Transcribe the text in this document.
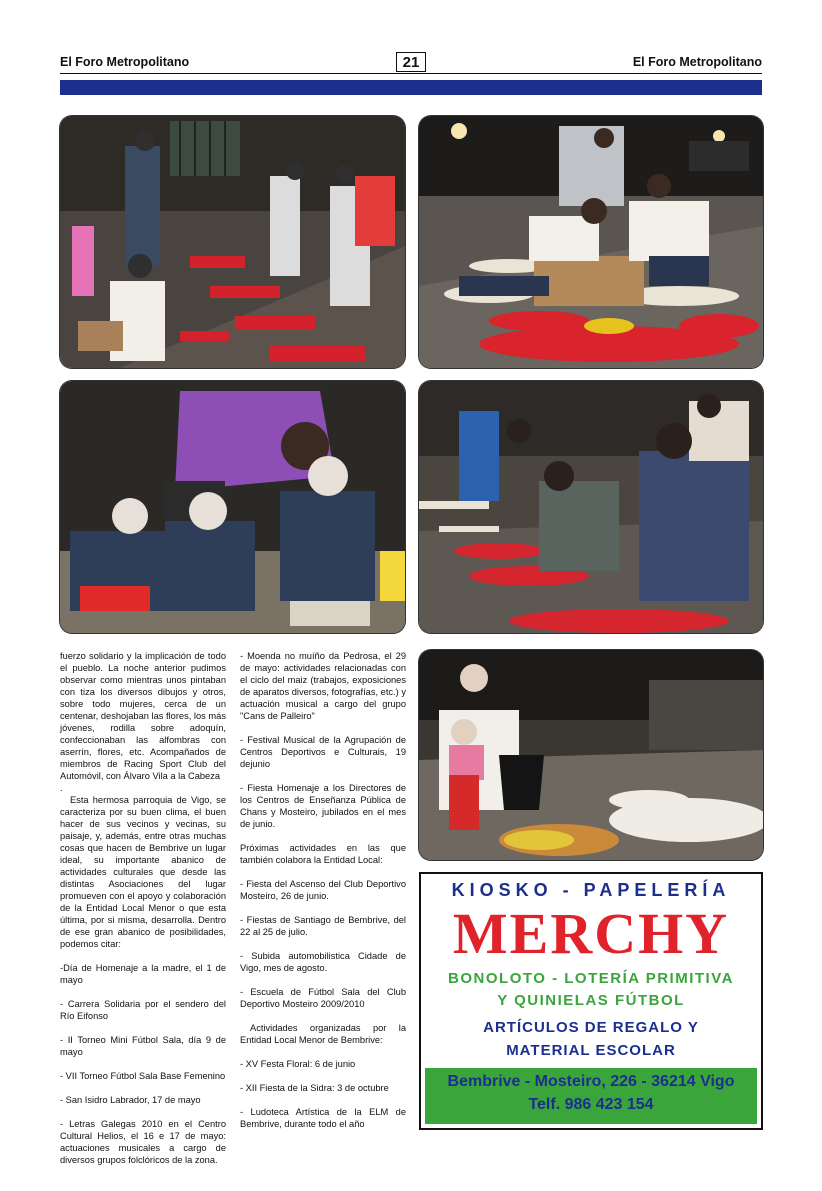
El Foro Metropolitano	21	El Foro Metropolitano

fuerzo solidario y la implicación de todo el pueblo. La noche anterior pudimos observar como mientras unos pintaban con tiza los diversos dibujos y otros, sobre todo mujeres, cerca de un centenar, deshojaban las flores, los más jóvenes, rodilla sobre adoquín, confeccionaban las alfombras con aserrín, flores, etc. Acompañados de miembros de Racing Sport Club del Automóvil, con Álvaro Vila a la Cabeza

.

Esta hermosa parroquia de Vigo, se caracteriza por su buen clima, el buen hacer de sus vecinos y vecinas, su paisaje, y, además, entre otras muchas cosas que hacen de Bembrive un lugar ideal, su importante abanico de actividades culturales que desde las distintas Asociaciones del lugar promueven con el apoyo y colaboración de la Entidad Local Menor o que esta última, por si misma, desarrolla. Dentro de ese gran abanico de posibilidades, podemos citar:

-Día de Homenaje a la madre, el 1 de mayo

- Carrera Solidaria por el sendero del Río Eifonso

- II Torneo Mini Fútbol Sala, día 9 de mayo

- VII Torneo Fútbol Sala Base Femenino

- San Isidro Labrador, 17 de mayo

- Letras Galegas 2010 en el Centro Cultural Helios, el 16 e 17 de mayo: actuaciones musicales a cargo de diversos grupos folclóricos de la zona.

- Moenda no muíño da Pedrosa, el 29 de mayo: actividades relacionadas con el ciclo del maiz (trabajos, exposiciones de aparatos diversos, fotografías, etc.) y actuación musical a cargo del grupo "Cans de Palleiro"

- Festival Musical de la Agrupación de Centros Deportivos e Culturais, 19 dejunio

- Fiesta Homenaje a los Directores de los Centros de Enseñanza Pública de Chans y Mosteiro, jubilados en el mes de junio.

Próximas actividades en las que también colabora la Entidad Local:

- Fiesta del Ascenso del Club Deportivo Mosteiro, 26 de junio.

- Fiestas de Santiago de Bembrive, del 22 al 25 de julio.

- Subida automobilistica Cidade de Vigo, mes de agosto.

- Escuela de Fútbol Sala del Club Deportivo Mosteiro 2009/2010

Actividades organizadas por la Entidad Local Menor de Bembrive:

- XV Festa Floral: 6 de junio

- XII Fiesta de la Sidra: 3 de octubre

- Ludoteca Artística de la ELM de Bembrive, durante todo el año

KIOSKO - PAPELERÍA
MERCHY
BONOLOTO - LOTERÍA PRIMITIVA
Y QUINIELAS FÚTBOL
ARTÍCULOS DE REGALO Y
MATERIAL ESCOLAR
Bembrive - Mosteiro, 226 - 36214 Vigo
Telf. 986 423 154
